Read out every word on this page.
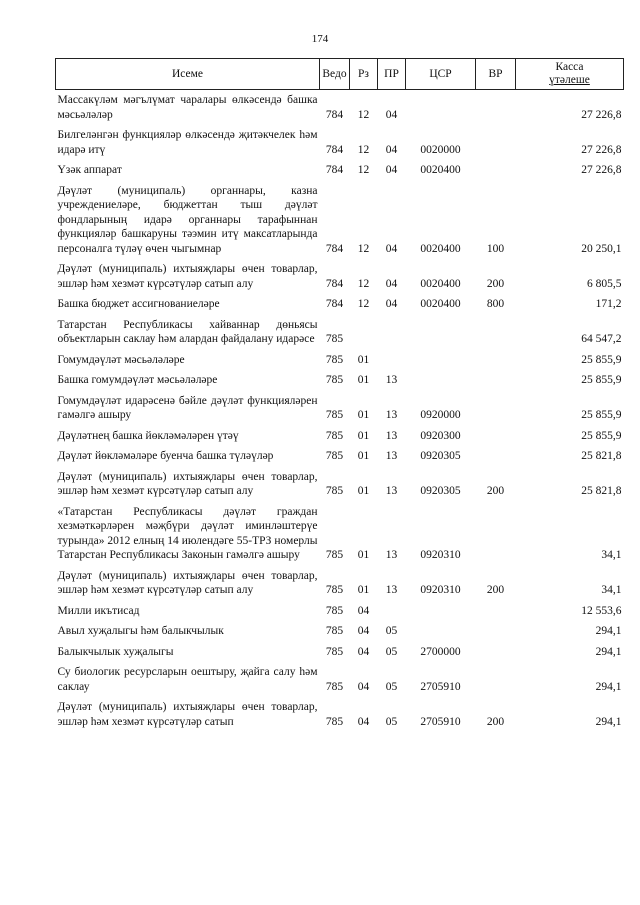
174
Исеме	Ведо	Рз	ПР	ЦСР	ВР	Касса
үтәлеше

Массакүләм мәгълүмат чаралары өлкәсендә башка мәсьәләләр	784	12	04			27 226,8
Билгеләнгән функцияләр өлкәсендә җитәкчелек һәм идарә итү	784	12	04	0020000		27 226,8
Үзәк аппарат	784	12	04	0020400		27 226,8
Дәүләт (муниципаль) органнары, казна учреждениеләре, бюджеттан тыш дәүләт фондларының идарә органнары тарафыннан функцияләр башкаруны тәэмин итү максатларында персоналга түләү өчен чыгымнар	784	12	04	0020400	100	20 250,1
Дәүләт (муниципаль) ихтыяҗлары өчен товарлар, эшләр һәм хезмәт күрсәтүләр сатып алу	784	12	04	0020400	200	6 805,5
Башка бюджет ассигнованиеләре	784	12	04	0020400	800	171,2
Татарстан Республикасы хайваннар дөньясы объектларын саклау һәм алардан файдалану идарәсе	785					64 547,2
Гомумдәүләт мәсьәләләре	785	01				25 855,9
Башка гомумдәүләт мәсьәләләре	785	01	13			25 855,9
Гомумдәүләт идарәсенә бәйле дәүләт функцияләрен гамәлгә ашыру	785	01	13	0920000		25 855,9
Дәүләтнең башка йөкләмәләрен үтәү	785	01	13	0920300		25 855,9
Дәүләт йөкләмәләре буенча башка түләүләр	785	01	13	0920305		25 821,8
Дәүләт (муниципаль) ихтыяҗлары өчен товарлар, эшләр һәм хезмәт күрсәтүләр сатып алу	785	01	13	0920305	200	25 821,8
«Татарстан Республикасы дәүләт граждан хезмәткәрләрен мәҗбүри дәүләт иминләштерүе турында» 2012 елның 14 июлендәге 55-ТРЗ номерлы Татарстан Республикасы Законын гамәлгә ашыру	785	01	13	0920310		34,1
Дәүләт (муниципаль) ихтыяҗлары өчен товарлар, эшләр һәм хезмәт күрсәтүләр сатып алу	785	01	13	0920310	200	34,1
Милли икътисад	785	04				12 553,6
Авыл хуҗалыгы һәм балыкчылык	785	04	05			294,1
Балыкчылык хуҗалыгы	785	04	05	2700000		294,1
Су биологик ресурсларын оештыру, җайга салу һәм саклау	785	04	05	2705910		294,1
Дәүләт (муниципаль) ихтыяҗлары өчен товарлар, эшләр һәм хезмәт күрсәтүләр сатып	785	04	05	2705910	200	294,1
